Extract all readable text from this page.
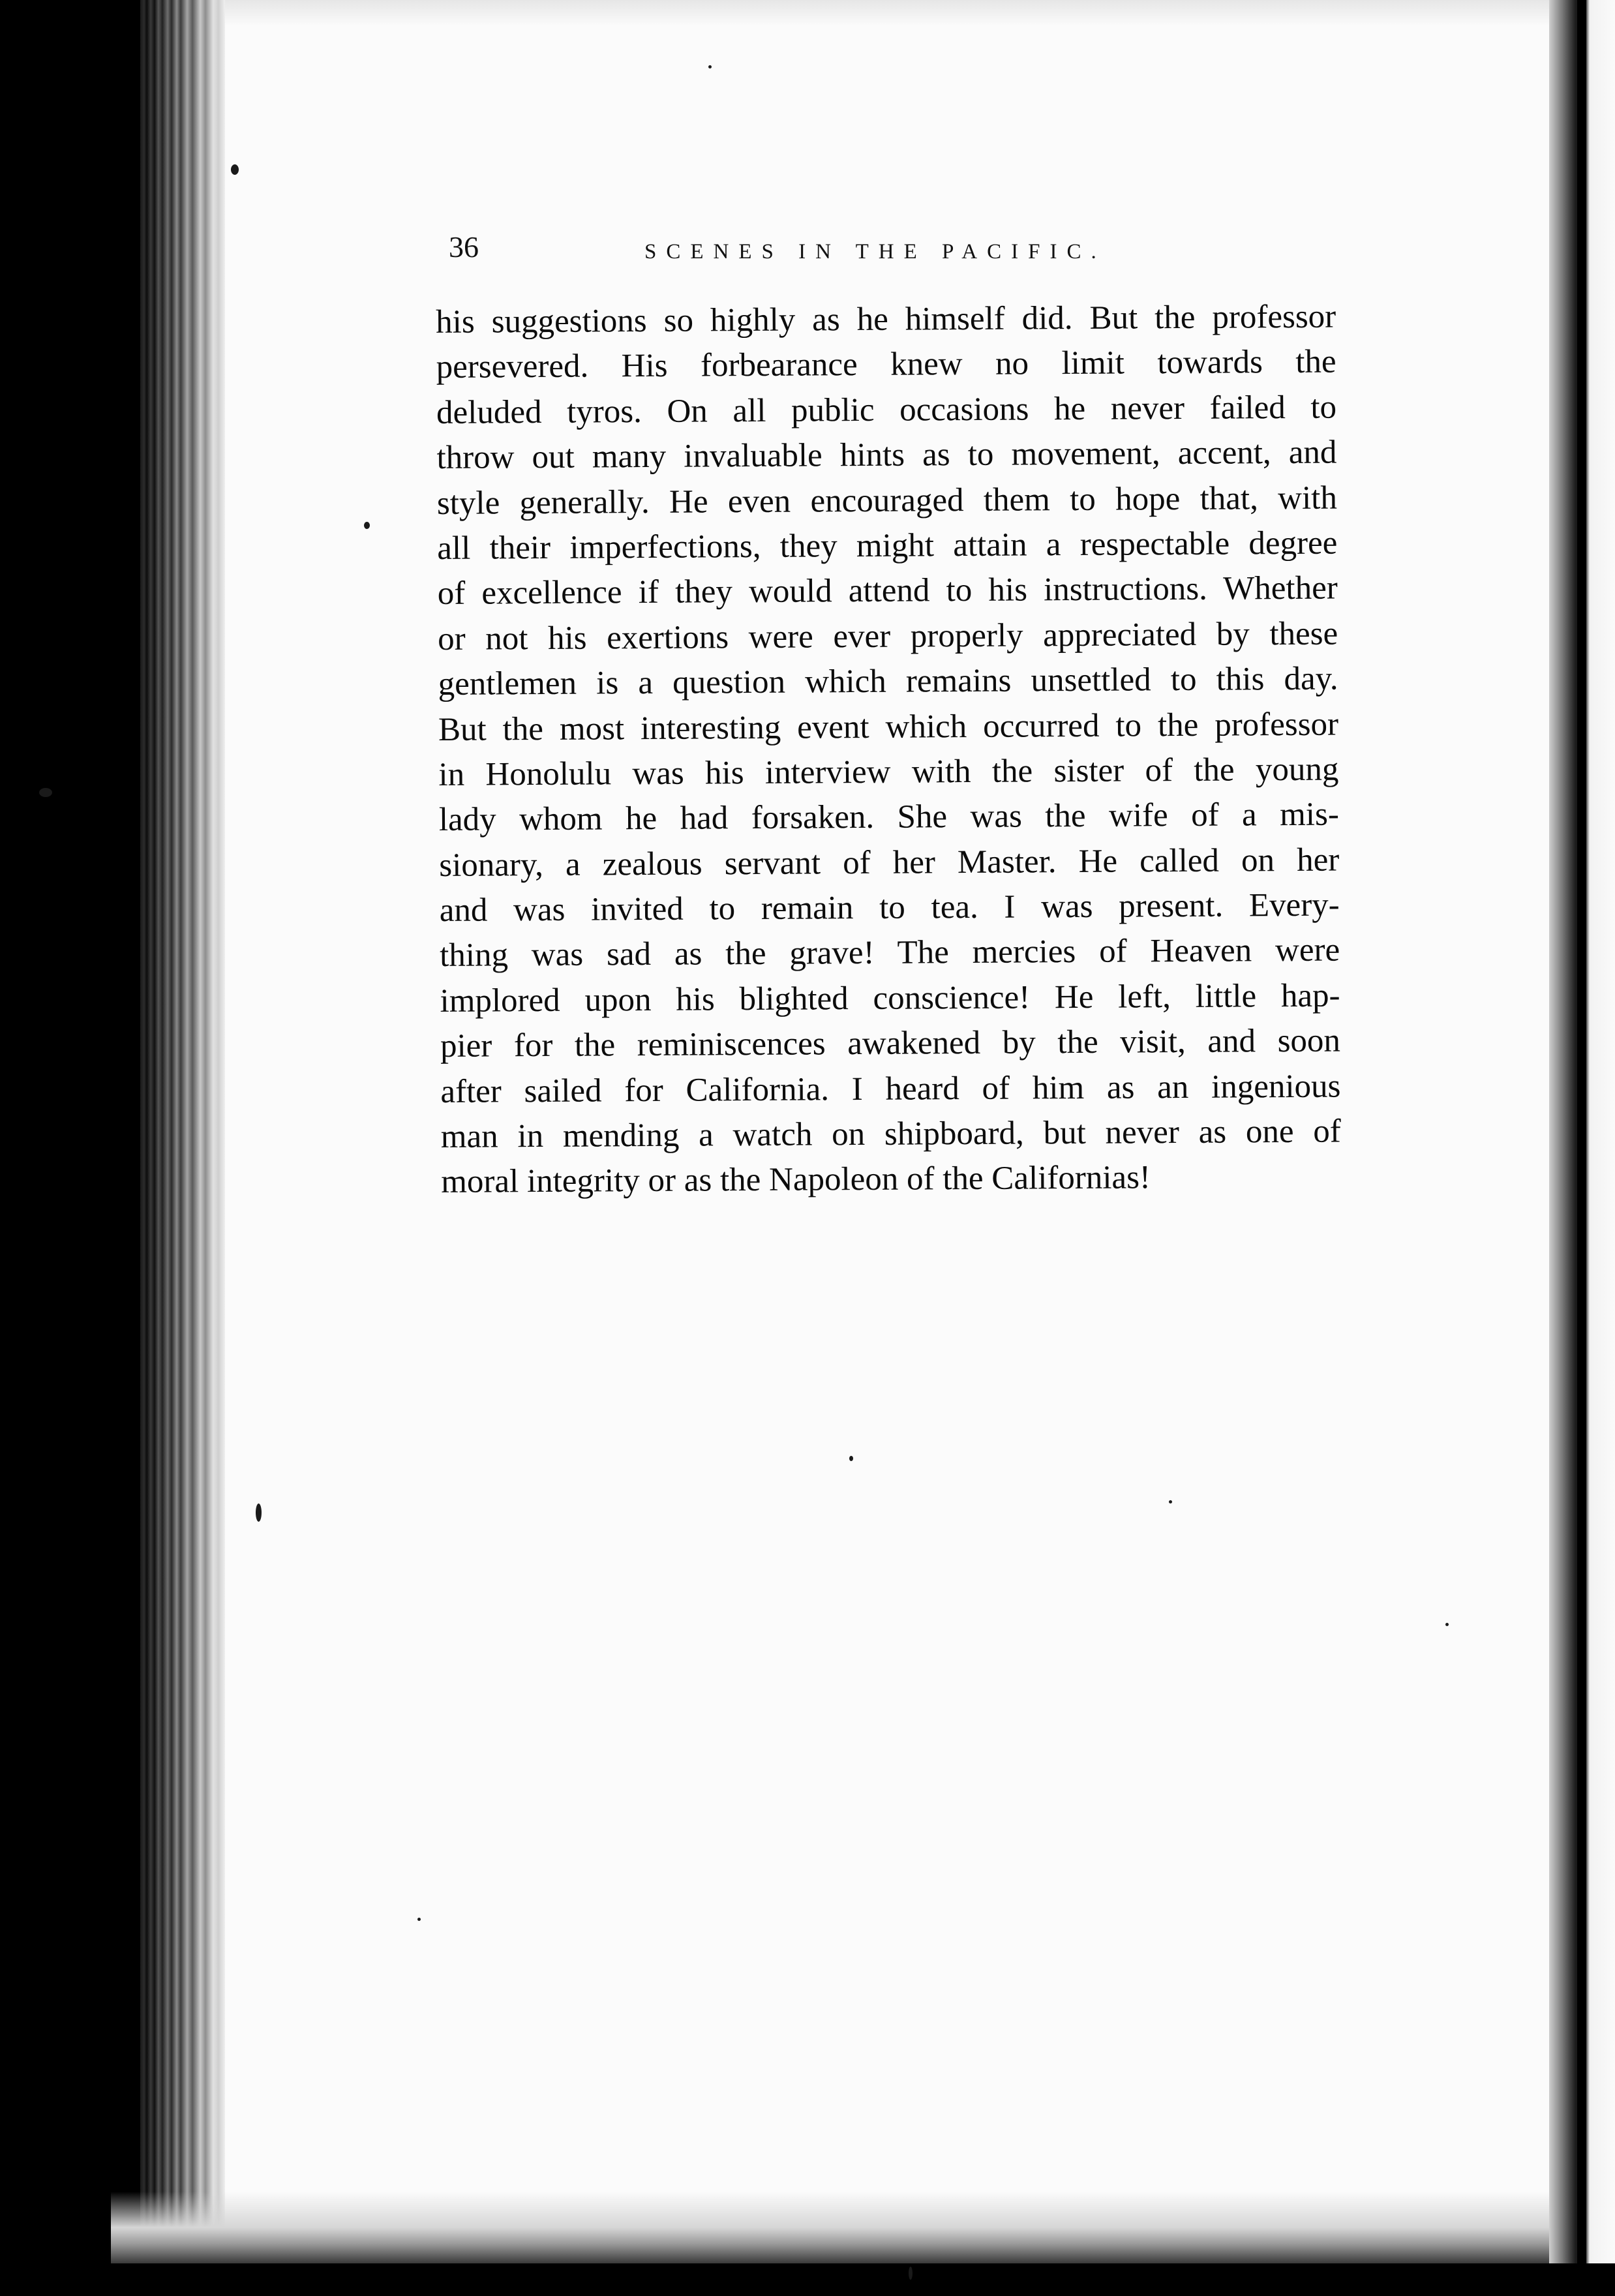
36	SCENES IN THE PACIFIC.

his suggestions so highly as he himself did. But the professor
persevered. His forbearance knew no limit towards the
deluded tyros. On all public occasions he never failed to
throw out many invaluable hints as to movement, accent, and
style generally. He even encouraged them to hope that, with
all their imperfections, they might attain a respectable degree
of excellence if they would attend to his instructions. Whether
or not his exertions were ever properly appreciated by these
gentlemen is a question which remains unsettled to this day.
But the most interesting event which occurred to the professor
in Honolulu was his interview with the sister of the young
lady whom he had forsaken. She was the wife of a mis-
sionary, a zealous servant of her Master. He called on her
and was invited to remain to tea. I was present. Every-
thing was sad as the grave! The mercies of Heaven were
implored upon his blighted conscience! He left, little hap-
pier for the reminiscences awakened by the visit, and soon
after sailed for California. I heard of him as an ingenious
man in mending a watch on shipboard, but never as one of
moral integrity or as the Napoleon of the Californias!
